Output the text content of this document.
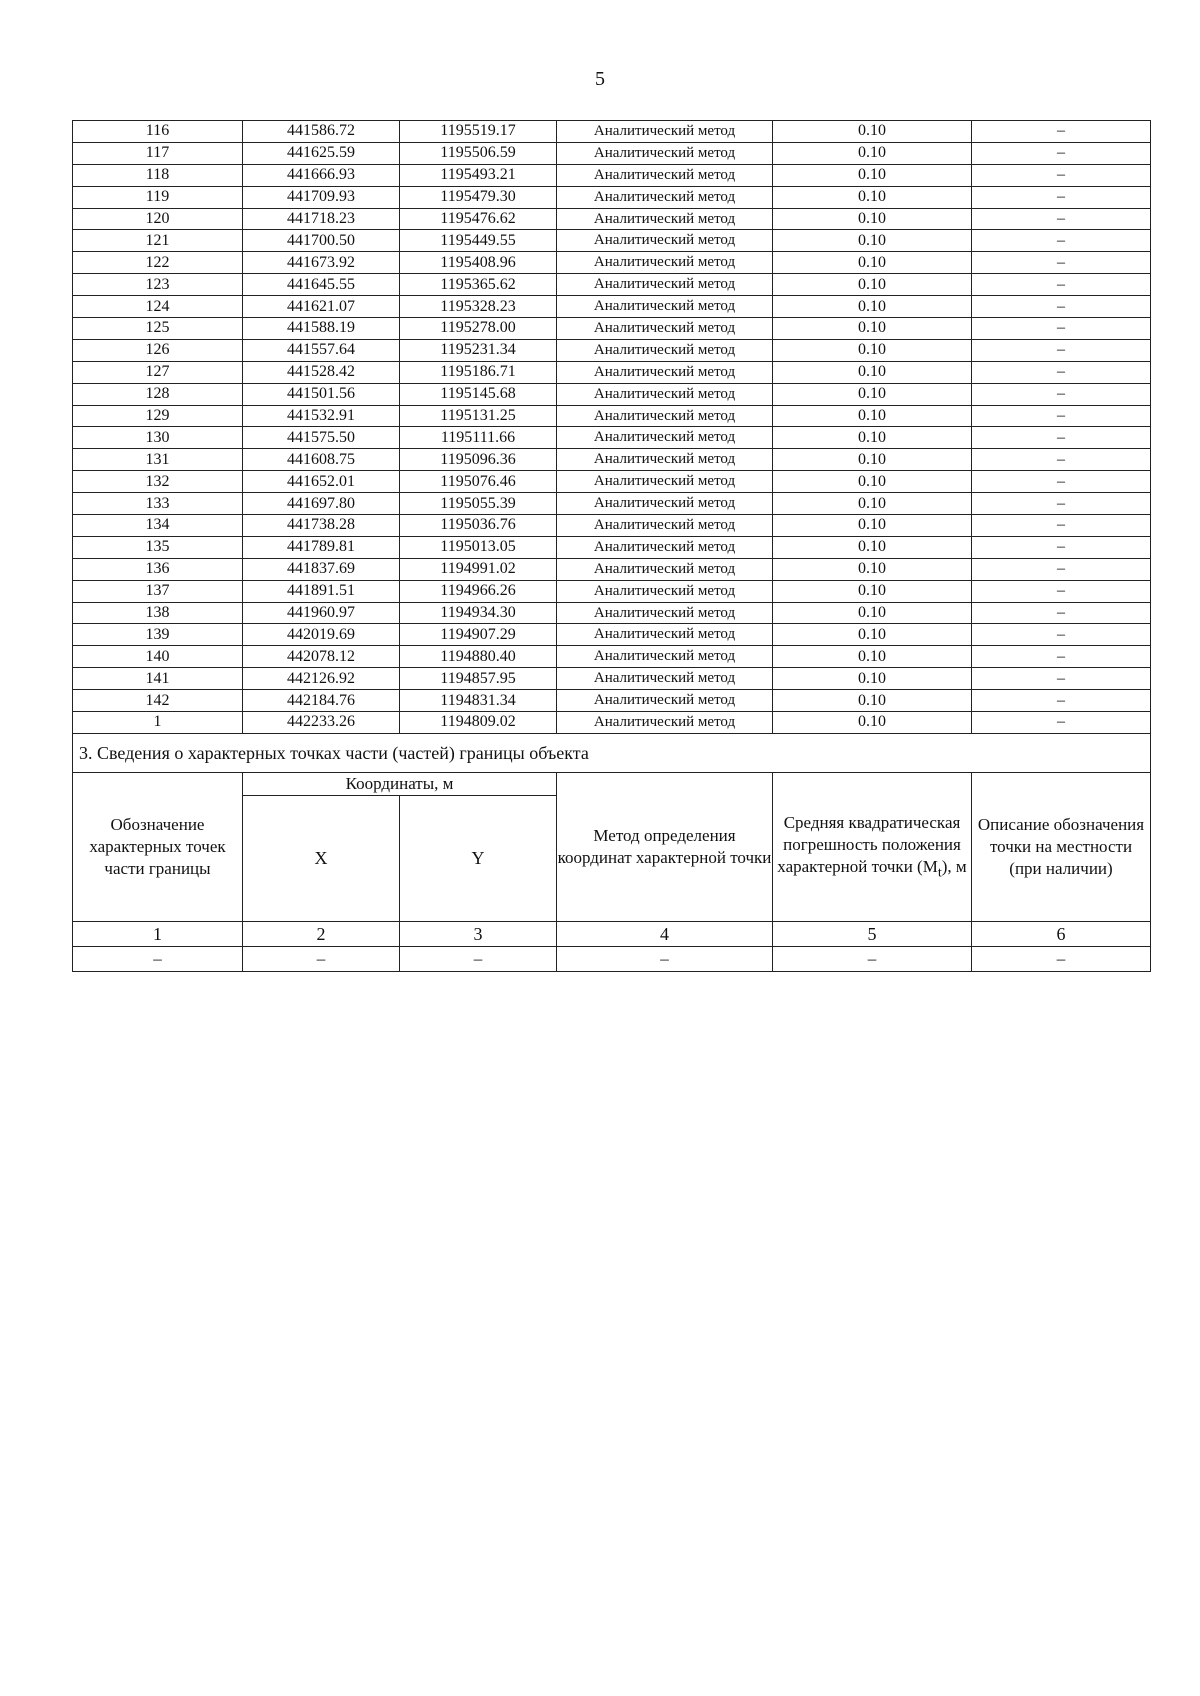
5
116	441586.72	1195519.17	Аналитический метод	0.10	–
117	441625.59	1195506.59	Аналитический метод	0.10	–
118	441666.93	1195493.21	Аналитический метод	0.10	–
119	441709.93	1195479.30	Аналитический метод	0.10	–
120	441718.23	1195476.62	Аналитический метод	0.10	–
121	441700.50	1195449.55	Аналитический метод	0.10	–
122	441673.92	1195408.96	Аналитический метод	0.10	–
123	441645.55	1195365.62	Аналитический метод	0.10	–
124	441621.07	1195328.23	Аналитический метод	0.10	–
125	441588.19	1195278.00	Аналитический метод	0.10	–
126	441557.64	1195231.34	Аналитический метод	0.10	–
127	441528.42	1195186.71	Аналитический метод	0.10	–
128	441501.56	1195145.68	Аналитический метод	0.10	–
129	441532.91	1195131.25	Аналитический метод	0.10	–
130	441575.50	1195111.66	Аналитический метод	0.10	–
131	441608.75	1195096.36	Аналитический метод	0.10	–
132	441652.01	1195076.46	Аналитический метод	0.10	–
133	441697.80	1195055.39	Аналитический метод	0.10	–
134	441738.28	1195036.76	Аналитический метод	0.10	–
135	441789.81	1195013.05	Аналитический метод	0.10	–
136	441837.69	1194991.02	Аналитический метод	0.10	–
137	441891.51	1194966.26	Аналитический метод	0.10	–
138	441960.97	1194934.30	Аналитический метод	0.10	–
139	442019.69	1194907.29	Аналитический метод	0.10	–
140	442078.12	1194880.40	Аналитический метод	0.10	–
141	442126.92	1194857.95	Аналитический метод	0.10	–
142	442184.76	1194831.34	Аналитический метод	0.10	–
1	442233.26	1194809.02	Аналитический метод	0.10	–
3. Сведения о характерных точках части (частей) границы объекта					
Обозначение характерных точек части границы	Координаты, м		Метод определения координат характерной точки	Средняя квадратическая погрешность положения характерной точки $(M_t)$, м	Описание обозначения точки на местности (при наличии)
	X	Y			
1	2	3	4	5	6
–	–	–	–	–	–
